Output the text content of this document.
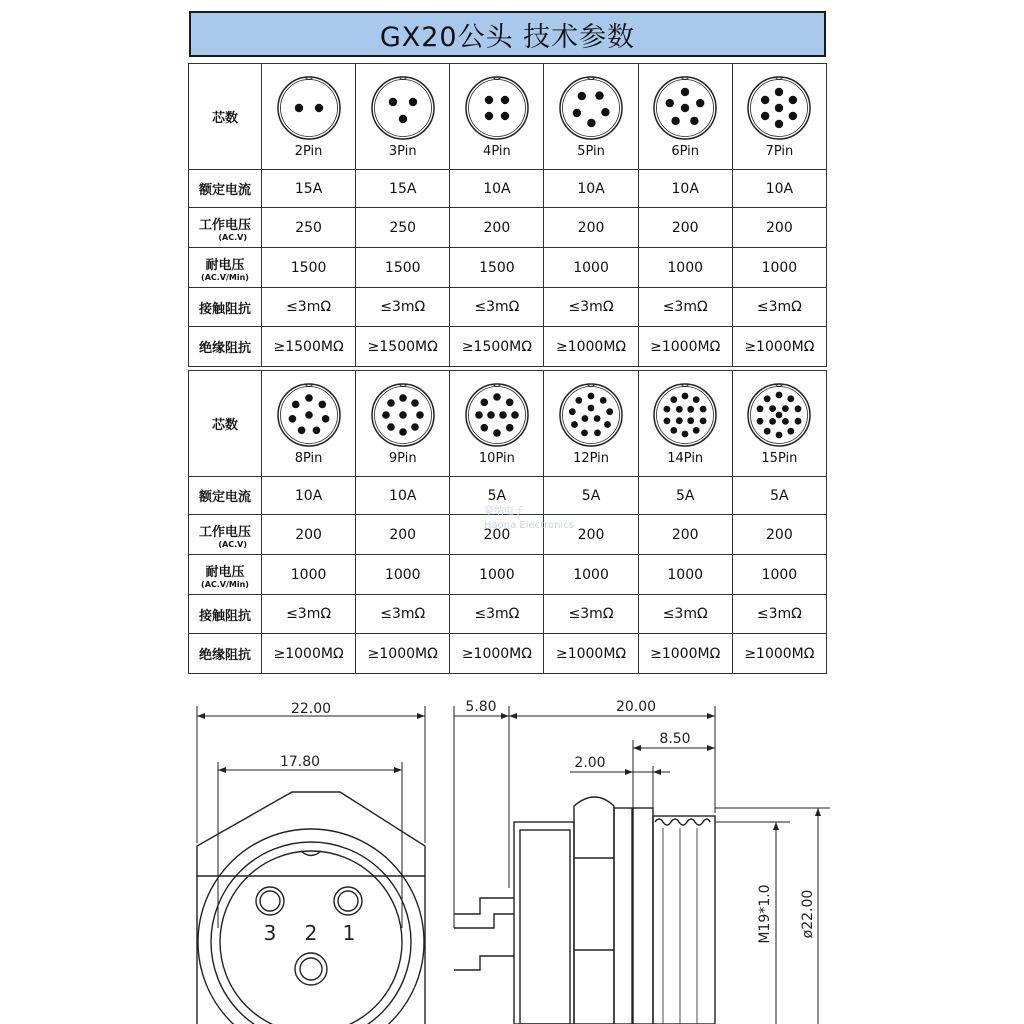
GX20公头 技术参数
芯数	2Pin	3Pin	4Pin	5Pin	6Pin	7Pin

额定电流	15A	15A	10A	10A	10A	10A
工作电压
(AC.V)	250	250	200	200	200	200
耐电压
(AC.V/Min)	1500	1500	1500	1000	1000	1000
接触阻抗	≤3mΩ	≤3mΩ	≤3mΩ	≤3mΩ	≤3mΩ	≤3mΩ
绝缘阻抗	≥1500MΩ	≥1500MΩ	≥1500MΩ	≥1000MΩ	≥1000MΩ	≥1000MΩ
芯数	8Pin	9Pin	10Pin	12Pin	14Pin	15Pin

额定电流	10A	10A	5A	5A	5A	5A
工作电压
(AC.V)	200	200	200	200	200	200
耐电压
(AC.V/Min)	1000	1000	1000	1000	1000	1000
接触阻抗	≤3mΩ	≤3mΩ	≤3mΩ	≤3mΩ	≤3mΩ	≤3mΩ
绝缘阻抗	≥1000MΩ	≥1000MΩ	≥1000MΩ	≥1000MΩ	≥1000MΩ	≥1000MΩ
豪纳电子
Haona Electronics
22.00
17.80
3 2 1
5.80	20.00
8.50
2.00
M19*1.0 ø22.00
